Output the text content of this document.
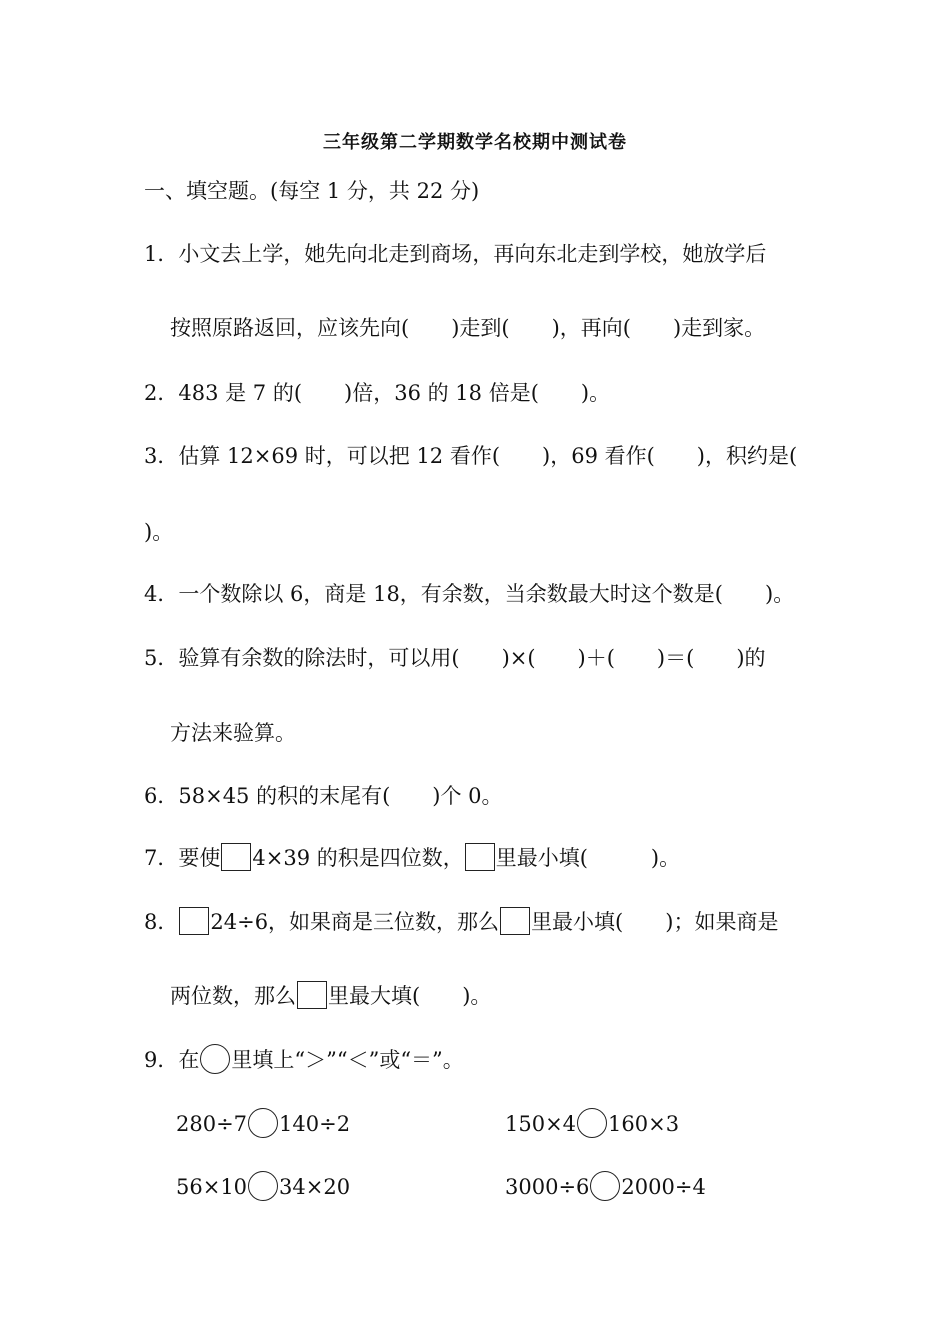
三年级第二学期数学名校期中测试卷
一、填空题。(每空 1 分，共 22 分)
1．小文去上学，她先向北走到商场，再向东北走到学校，她放学后
按照原路返回，应该先向(　　)走到(　　)，再向(　　)走到家。
2．483 是 7 的(　　)倍，36 的 18 倍是(　　)。
3．估算 12×69 时，可以把 12 看作(　　)，69 看作(　　)，积约是(
)。
4．一个数除以 6，商是 18，有余数，当余数最大时这个数是(　　)。
5．验算有余数的除法时，可以用(　　)×(　　)＋(　　)＝(　　)的
方法来验算。
6．58×45 的积的末尾有(　　)个 0。
7．要使 4×39 的积是四位数， 里最小填(　　　)。
8． 24÷6，如果商是三位数，那么 里最小填(　　)；如果商是
两位数，那么 里最大填(　　)。
9．在 里填上“＞”“＜”或“＝”。
280÷7 140÷2	150×4 160×3
56×10 34×20	3000÷6 2000÷4
